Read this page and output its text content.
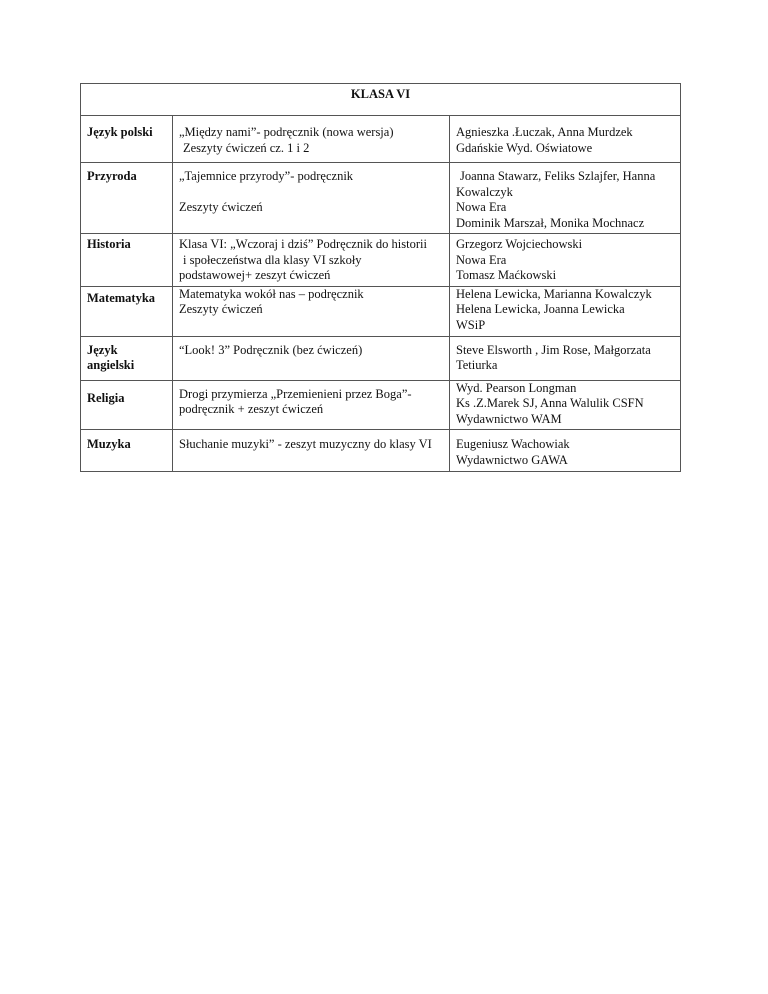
KLASA VI		

Język polski	„Między nami”- podręcznik (nowa wersja)
Zeszyty ćwiczeń cz. 1 i 2	Agnieszka .Łuczak, Anna Murdzek
Gdańskie Wyd. Oświatowe

Przyroda	„Tajemnice przyrody”- podręcznik
Zeszyty ćwiczeń	Joanna Stawarz, Feliks Szlajfer, Hanna
Kowalczyk
Nowa Era
Dominik Marszał, Monika Mochnacz

Historia	Klasa VI: „Wczoraj i dziś” Podręcznik do historii
i społeczeństwa dla klasy VI szkoły
podstawowej+ zeszyt ćwiczeń	Grzegorz Wojciechowski
Nowa Era
Tomasz Maćkowski

Matematyka	Matematyka wokół nas – podręcznik
Zeszyty ćwiczeń	Helena Lewicka, Marianna Kowalczyk
Helena Lewicka, Joanna Lewicka
WSiP

Język
angielski	“Look! 3” Podręcznik (bez ćwiczeń)	Steve Elsworth , Jim Rose, Małgorzata
Tetiurka

Religia	Drogi przymierza „Przemienieni przez Boga”-
podręcznik + zeszyt ćwiczeń	Wyd. Pearson Longman
Ks .Z.Marek SJ, Anna Walulik CSFN
Wydawnictwo WAM

Muzyka	Słuchanie muzyki” - zeszyt muzyczny do klasy VI	Eugeniusz Wachowiak
Wydawnictwo GAWA
